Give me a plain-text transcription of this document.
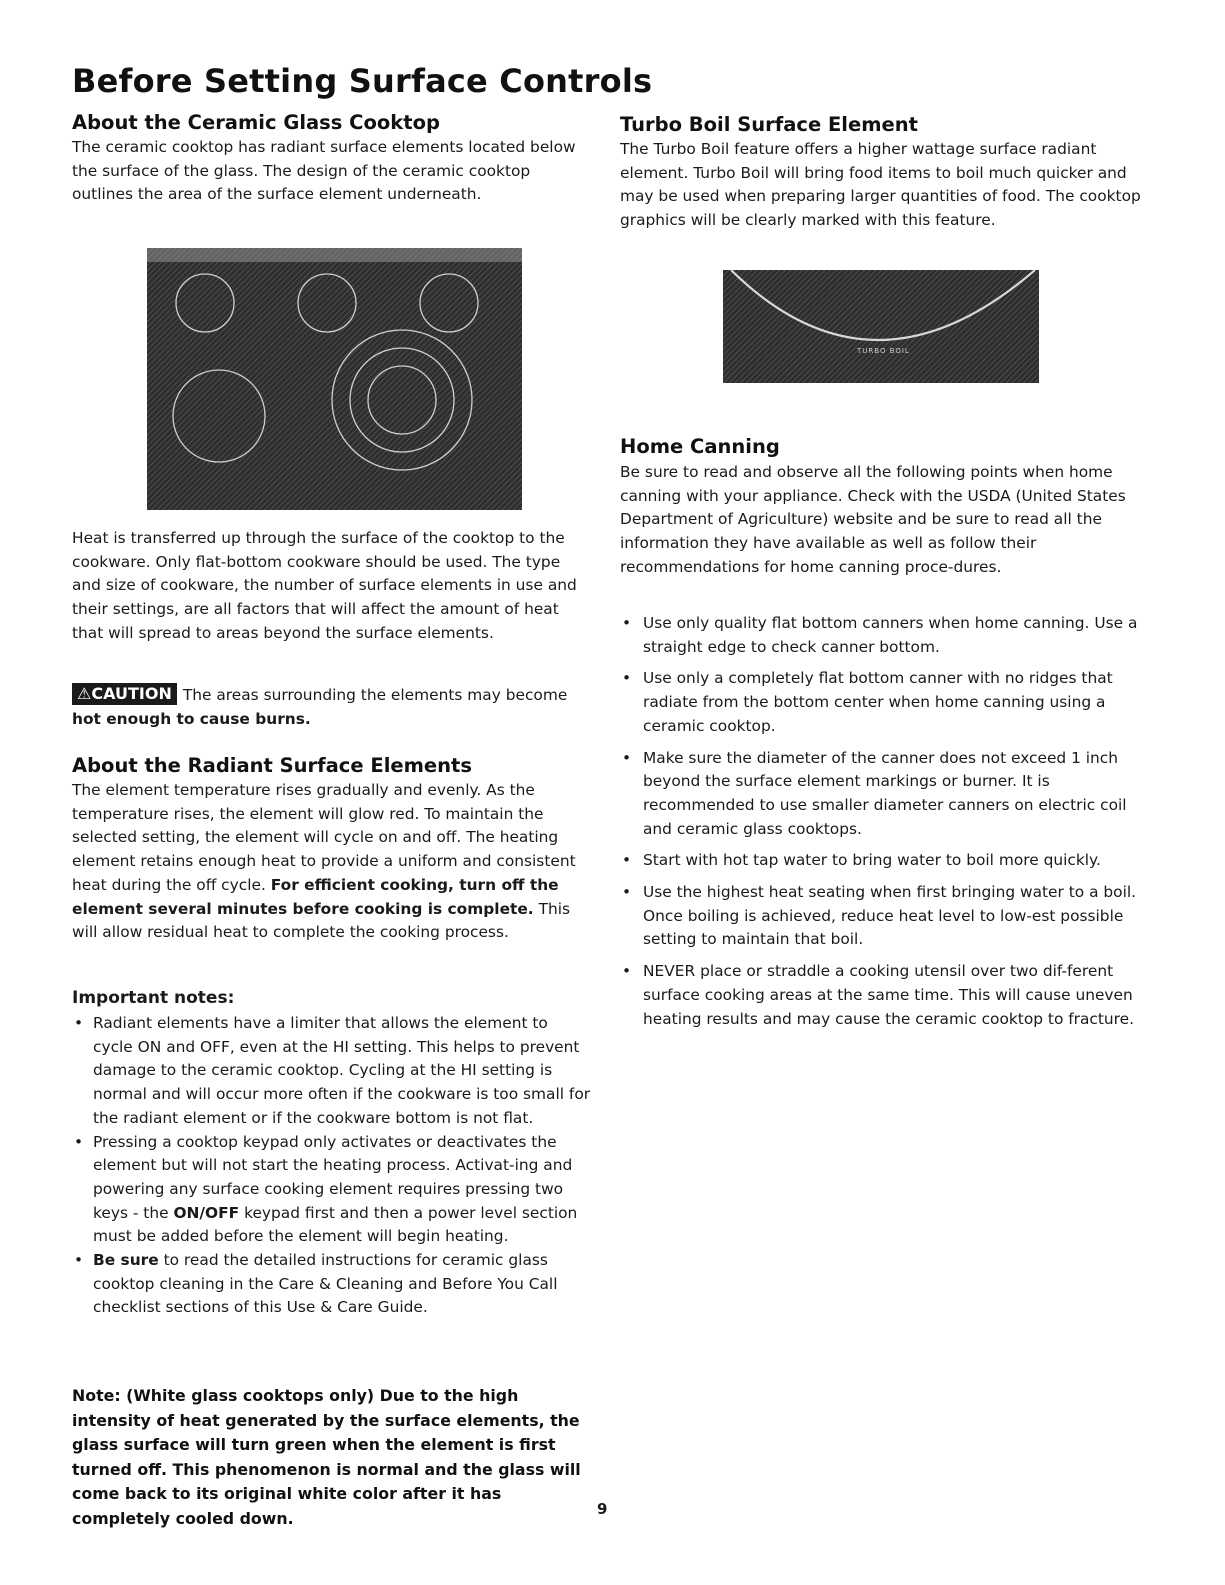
Before Setting Surface Controls
About the Ceramic Glass Cooktop

The ceramic cooktop has radiant surface elements located below the surface of the glass. The design of the ceramic cooktop outlines the area of the surface element underneath.

Heat is transferred up through the surface of the cooktop to the cookware. Only flat-bottom cookware should be used. The type and size of cookware, the number of surface elements in use and their settings, are all factors that will affect the amount of heat that will spread to areas beyond the surface elements.

⚠CAUTION The areas surrounding the elements may become hot enough to cause burns.

About the Radiant Surface Elements

The element temperature rises gradually and evenly. As the temperature rises, the element will glow red. To maintain the selected setting, the element will cycle on and off. The heating element retains enough heat to provide a uniform and consistent heat during the off cycle. For efficient cooking, turn off the element several minutes before cooking is complete. This will allow residual heat to complete the cooking process.

Important notes:
• Radiant elements have a limiter that allows the element to cycle ON and OFF, even at the HI setting. This helps to prevent damage to the ceramic cooktop. Cycling at the HI setting is normal and will occur more often if the cookware is too small for the radiant element or if the cookware bottom is not flat.
• Pressing a cooktop keypad only activates or deactivates the element but will not start the heating process. Activat-ing and powering any surface cooking element requires pressing two keys - the ON/OFF keypad first and then a power level section must be added before the element will begin heating.
• Be sure to read the detailed instructions for ceramic glass cooktop cleaning in the Care & Cleaning and Before You Call checklist sections of this Use & Care Guide.

Note: (White glass cooktops only) Due to the high intensity of heat generated by the surface elements, the glass surface will turn green when the element is first turned off. This phenomenon is normal and the glass will come back to its original white color after it has completely cooled down.

Turbo Boil Surface Element

The Turbo Boil feature offers a higher wattage surface radiant element. Turbo Boil will bring food items to boil much quicker and may be used when preparing larger quantities of food. The cooktop graphics will be clearly marked with this feature.

TURBO BOIL
Home Canning

Be sure to read and observe all the following points when home canning with your appliance. Check with the USDA (United States Department of Agriculture) website and be sure to read all the information they have available as well as follow their recommendations for home canning proce-dures.

• Use only quality flat bottom canners when home canning. Use a straight edge to check canner bottom.
• Use only a completely flat bottom canner with no ridges that radiate from the bottom center when home canning using a ceramic cooktop.
• Make sure the diameter of the canner does not exceed 1 inch beyond the surface element markings or burner. It is recommended to use smaller diameter canners on electric coil and ceramic glass cooktops.
• Start with hot tap water to bring water to boil more quickly.
• Use the highest heat seating when first bringing water to a boil. Once boiling is achieved, reduce heat level to low-est possible setting to maintain that boil.
• NEVER place or straddle a cooking utensil over two dif-ferent surface cooking areas at the same time. This will cause uneven heating results and may cause the ceramic cooktop to fracture.
9
